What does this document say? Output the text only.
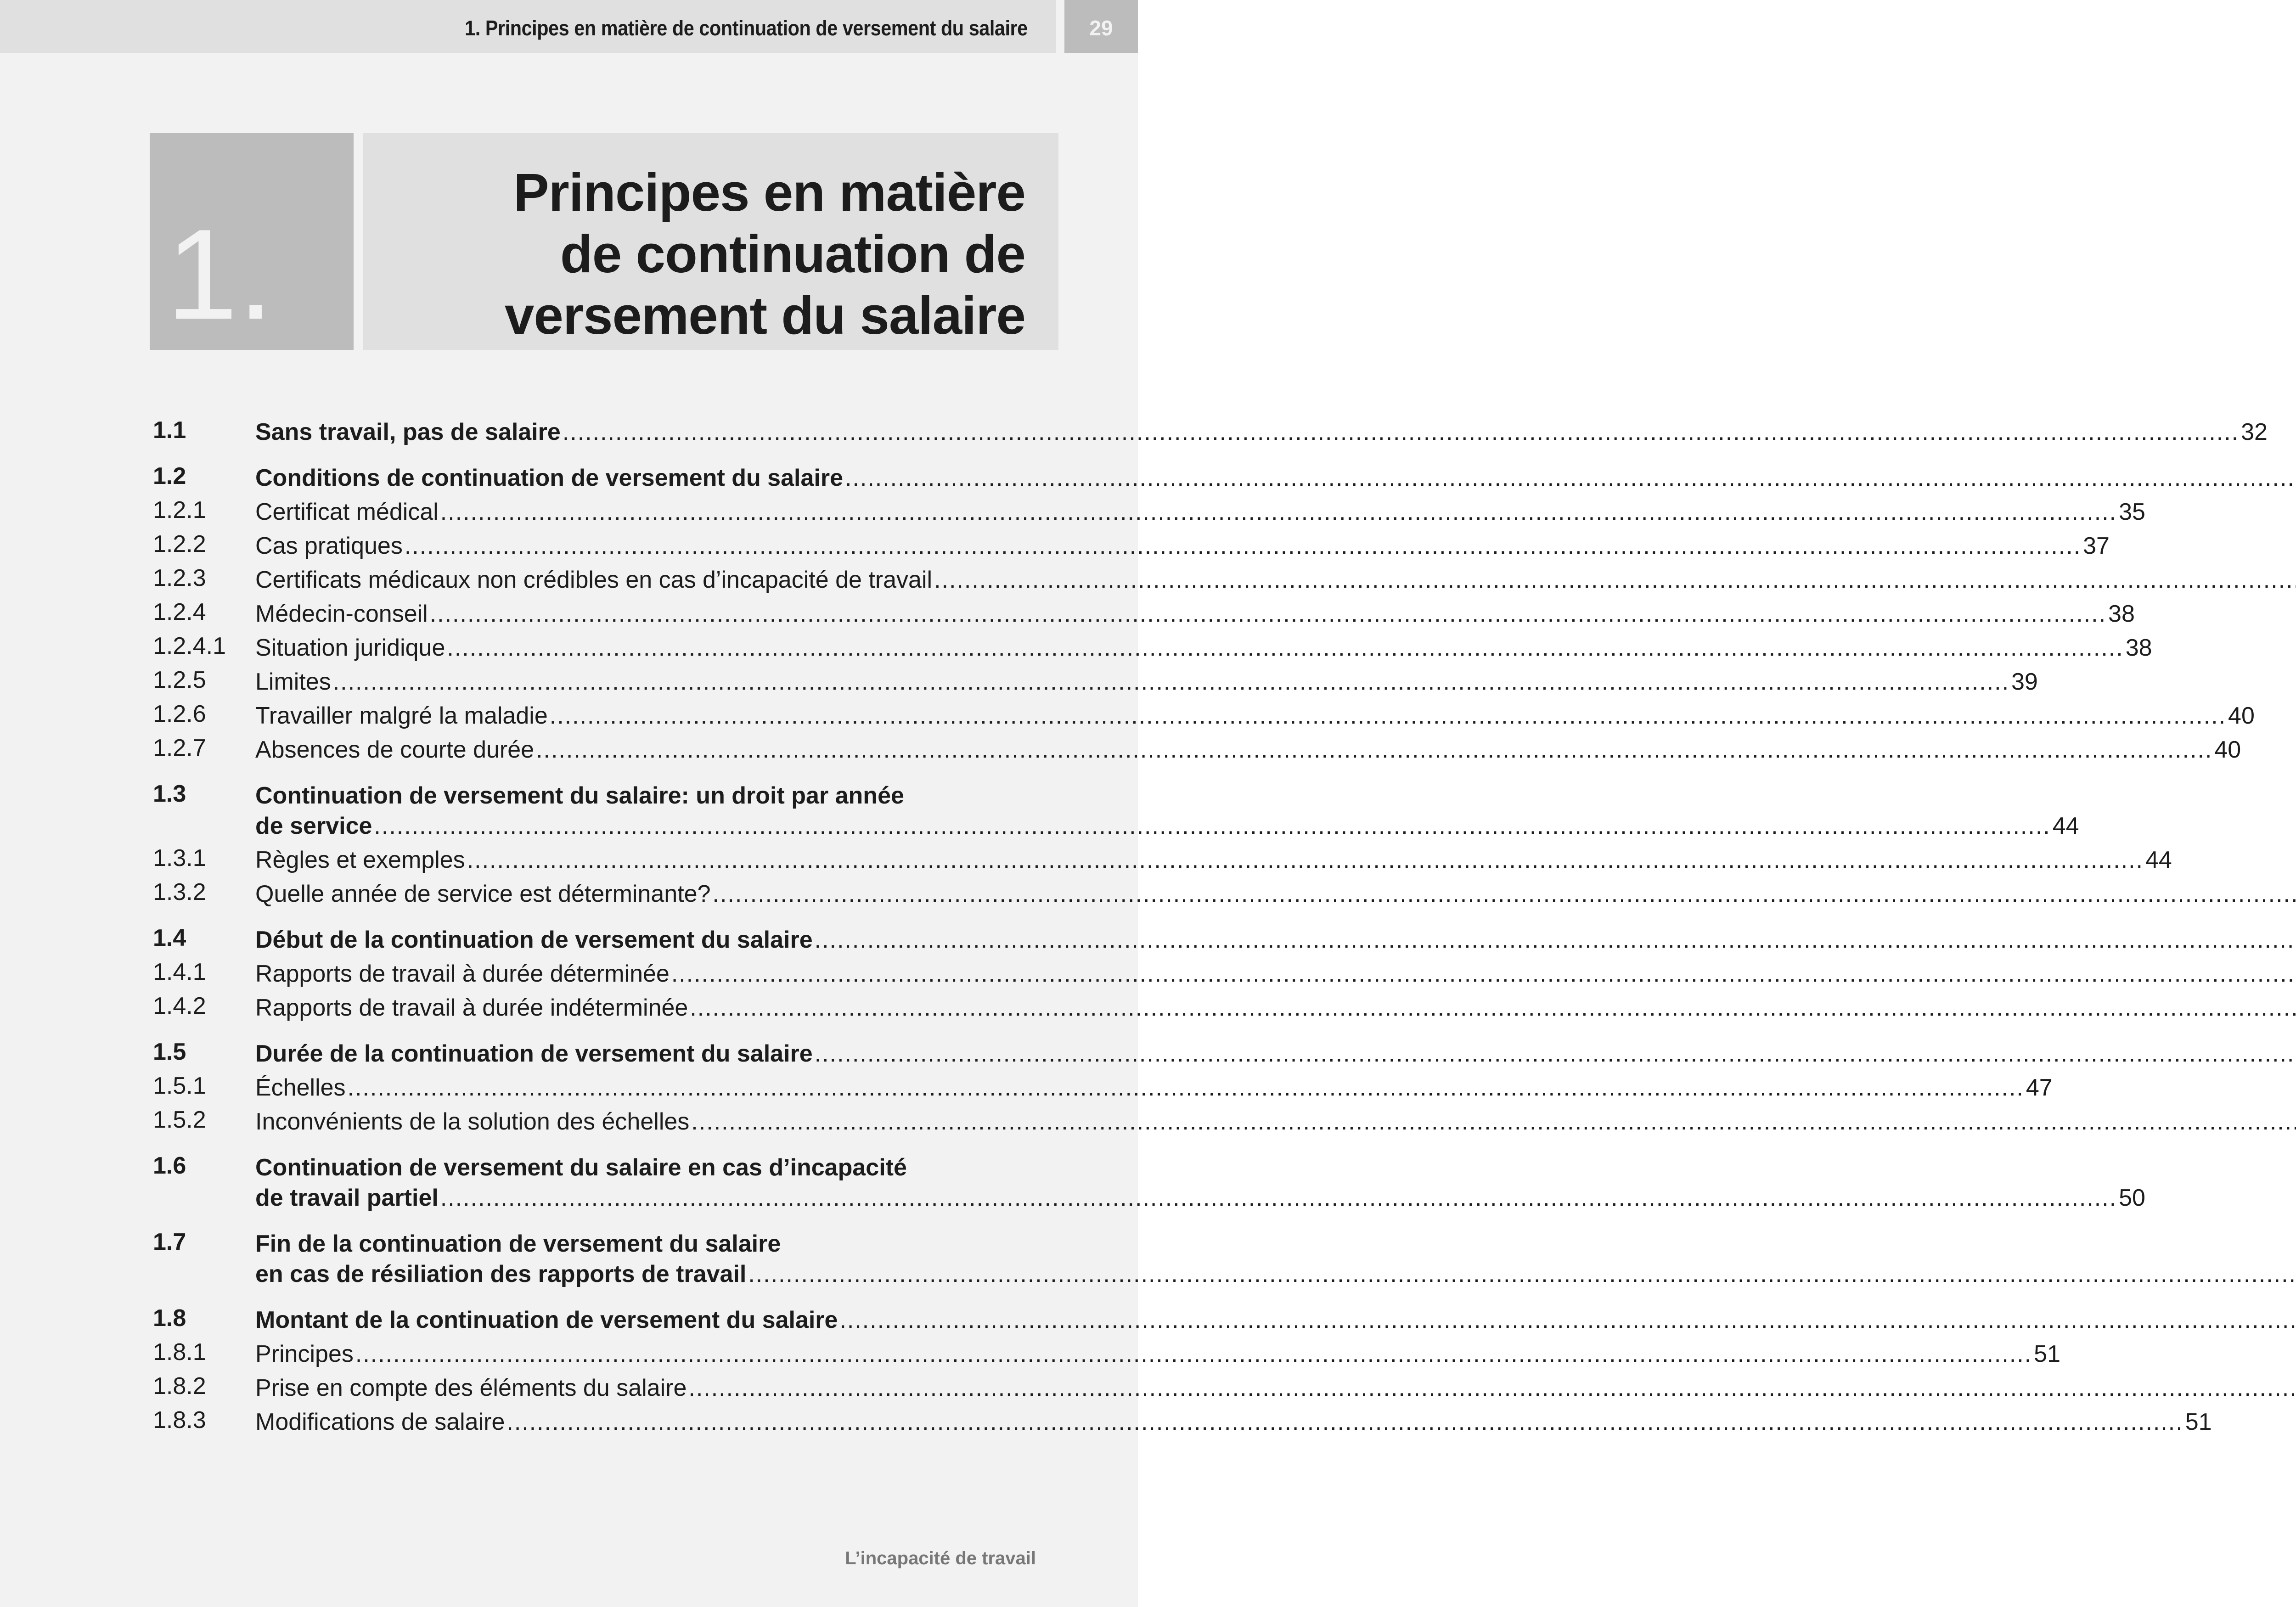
1. Principes en matière de continuation de versement du salaire	29
1.
Principes en matière
de continuation de
versement du salaire
1.1	Sans travail, pas de salaire .....	32
1.2	Conditions de continuation de versement du salaire
.....
1.2.1	Certificat médical .....	35
1.2.2	Cas pratiques .....	37
1.2.3	Certificats médicaux non crédibles en cas d’incapacité de travail
.....
1.2.4	Médecin-conseil .....	38
1.2.4.1	Situation juridique .....	38
1.2.5	Limites .....	39
1.2.6	Travailler malgré la maladie .....	40
1.2.7	Absences de courte durée .....	40
1.3	Continuation de versement du salaire: un droit par année
de service .....	44
1.3.1	Règles et exemples .....	44
1.3.2	Quelle année de service est déterminante?
.....
1.4	Début de la continuation de versement du salaire
.....
1.4.1	Rapports de travail à durée déterminée
.....
1.4.2	Rapports de travail à durée indéterminée
.....
1.5	Durée de la continuation de versement du salaire
.....
1.5.1	Échelles .....	47
1.5.2	Inconvénients de la solution des échelles
.....
1.6	Continuation de versement du salaire en cas d’incapacité
de travail partiel .....	50
1.7	Fin de la continuation de versement du salaire
en cas de résiliation des rapports de travail
.....
1.8	Montant de la continuation de versement du salaire
.....
1.8.1	Principes .....	51
1.8.2	Prise en compte des éléments du salaire
.....
1.8.3	Modifications de salaire .....	51
L’incapacité de travail
